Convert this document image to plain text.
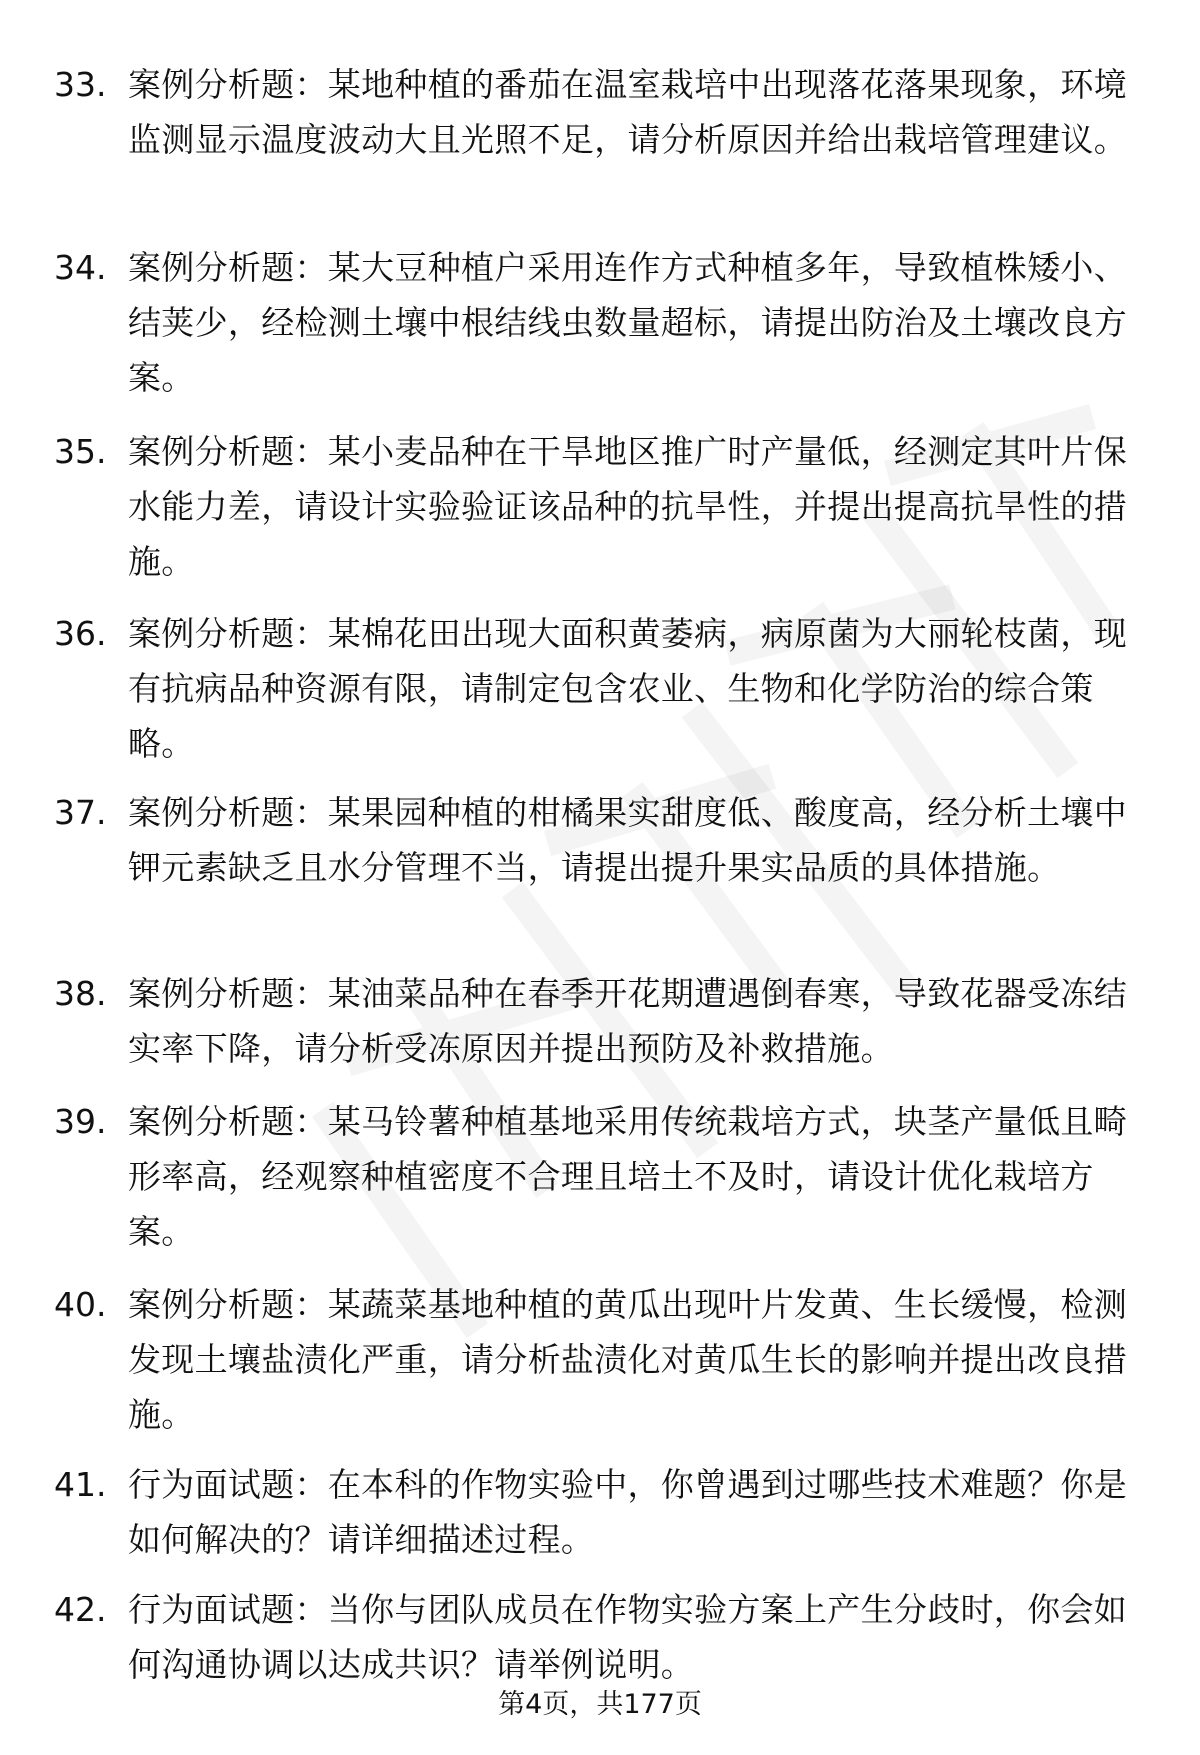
33. 案例分析题：某地种植的番茄在温室栽培中出现落花落果现象，环境监测显示温度波动大且光照不足，请分析原因并给出栽培管理建议。
34. 案例分析题：某大豆种植户采用连作方式种植多年，导致植株矮小、结荚少，经检测土壤中根结线虫数量超标，请提出防治及土壤改良方案。
35. 案例分析题：某小麦品种在干旱地区推广时产量低，经测定其叶片保水能力差，请设计实验验证该品种的抗旱性，并提出提高抗旱性的措施。
36. 案例分析题：某棉花田出现大面积黄萎病，病原菌为大丽轮枝菌，现有抗病品种资源有限，请制定包含农业、生物和化学防治的综合策略。
37. 案例分析题：某果园种植的柑橘果实甜度低、酸度高，经分析土壤中钾元素缺乏且水分管理不当，请提出提升果实品质的具体措施。
38. 案例分析题：某油菜品种在春季开花期遭遇倒春寒，导致花器受冻结实率下降，请分析受冻原因并提出预防及补救措施。
39. 案例分析题：某马铃薯种植基地采用传统栽培方式，块茎产量低且畸形率高，经观察种植密度不合理且培土不及时，请设计优化栽培方案。
40. 案例分析题：某蔬菜基地种植的黄瓜出现叶片发黄、生长缓慢，检测发现土壤盐渍化严重，请分析盐渍化对黄瓜生长的影响并提出改良措施。
41. 行为面试题：在本科的作物实验中，你曾遇到过哪些技术难题？你是如何解决的？请详细描述过程。
42. 行为面试题：当你与团队成员在作物实验方案上产生分歧时，你会如何沟通协调以达成共识？请举例说明。
第4页，共177页
